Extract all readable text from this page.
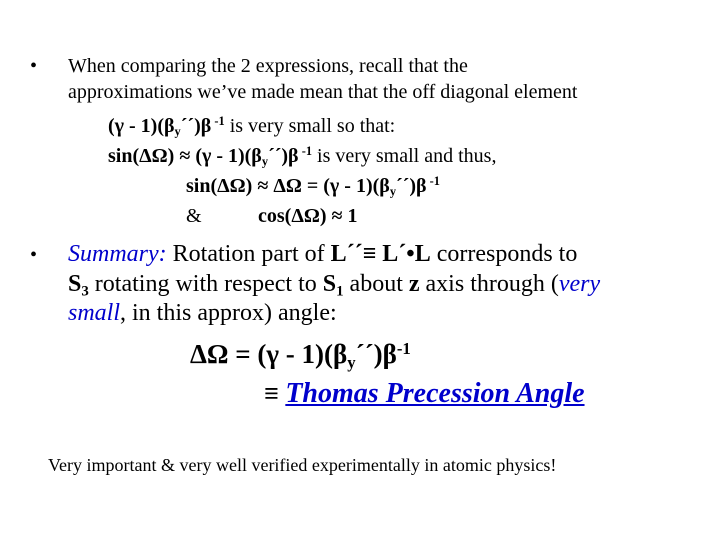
• When comparing the 2 expressions, recall that the
approximations we’ve made mean that the off diagonal element
$(\gamma - 1)(\beta_y´´)\beta$ $^{-1}$ is very small so that:
$\sin(\Delta\Omega) \approx (\gamma - 1)(\beta_y´´)\beta$ $^{-1}$ is very small and thus,
$\sin(\Delta\Omega) \approx \Delta\Omega = (\gamma - 1)(\beta_y´´)\beta$ $^{-1}$
&	cos(ΔΩ) ≈ 1
• Summary: Rotation part of L´´≡ L´•L corresponds to
$S_3$ rotating with respect to $S_1$ about z axis through (very
small, in this approx) angle:
$\Delta\Omega = (\gamma - 1)(\beta_y´´)\beta^{-1}$
≡ Thomas Precession Angle
Very important & very well verified experimentally in atomic physics!
